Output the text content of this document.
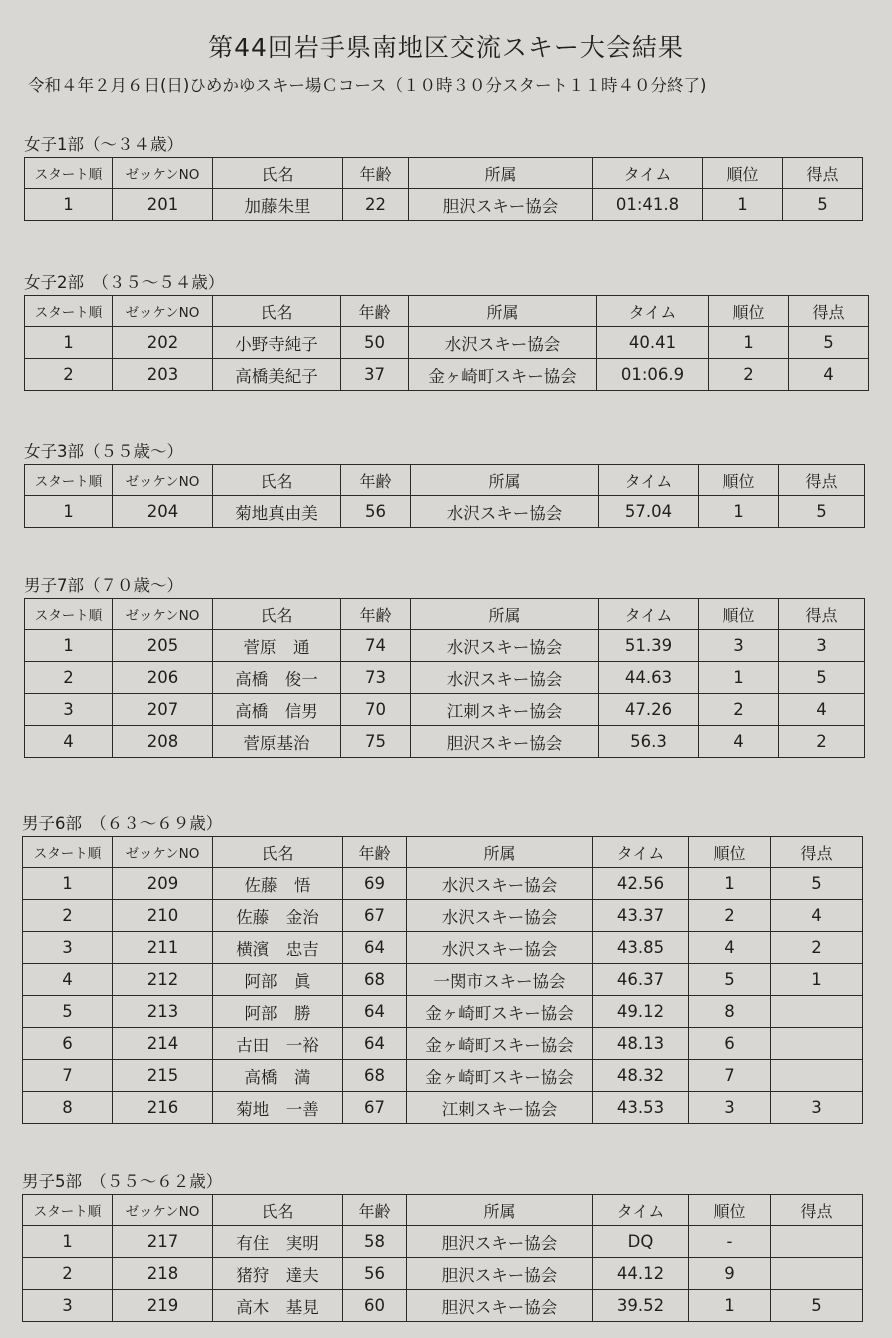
第44回岩手県南地区交流スキー大会結果
令和４年２月６日(日)ひめかゆスキー場Ｃコース（１０時３０分スタート１１時４０分終了)
女子1部（～３４歳）
スタート順	ゼッケンNO	氏名	年齢	所属	タイム	順位	得点
1	201	加藤朱里	22	胆沢スキー協会	01:41.8	1	5
女子2部　（３５～５４歳）
スタート順	ゼッケンNO	氏名	年齢	所属	タイム	順位	得点
1	202	小野寺純子	50	水沢スキー協会	40.41	1	5
2	203	高橋美紀子	37	金ヶ崎町スキー協会	01:06.9	2	4
女子3部（５５歳～）
スタート順	ゼッケンNO	氏名	年齢	所属	タイム	順位	得点
1	204	菊地真由美	56	水沢スキー協会	57.04	1	5
男子7部（７０歳～）
スタート順	ゼッケンNO	氏名	年齢	所属	タイム	順位	得点
1	205	菅原　通	74	水沢スキー協会	51.39	3	3
2	206	高橋　俊一	73	水沢スキー協会	44.63	1	5
3	207	高橋　信男	70	江刺スキー協会	47.26	2	4
4	208	菅原基治	75	胆沢スキー協会	56.3	4	2
男子6部　（６３～６９歳）
スタート順	ゼッケンNO	氏名	年齢	所属	タイム	順位	得点
1	209	佐藤　悟	69	水沢スキー協会	42.56	1	5
2	210	佐藤　金治	67	水沢スキー協会	43.37	2	4
3	211	横濱　忠吉	64	水沢スキー協会	43.85	4	2
4	212	阿部　眞	68	一関市スキー協会	46.37	5	1
5	213	阿部　勝	64	金ヶ崎町スキー協会	49.12	8	
6	214	古田　一裕	64	金ヶ崎町スキー協会	48.13	6	
7	215	高橋　満	68	金ヶ崎町スキー協会	48.32	7	
8	216	菊地　一善	67	江刺スキー協会	43.53	3	3
男子5部　（５５～６２歳）
スタート順	ゼッケンNO	氏名	年齢	所属	タイム	順位	得点
1	217	有住　実明	58	胆沢スキー協会	DQ	-	
2	218	猪狩　達夫	56	胆沢スキー協会	44.12	9	
3	219	高木　基見	60	胆沢スキー協会	39.52	1	5
